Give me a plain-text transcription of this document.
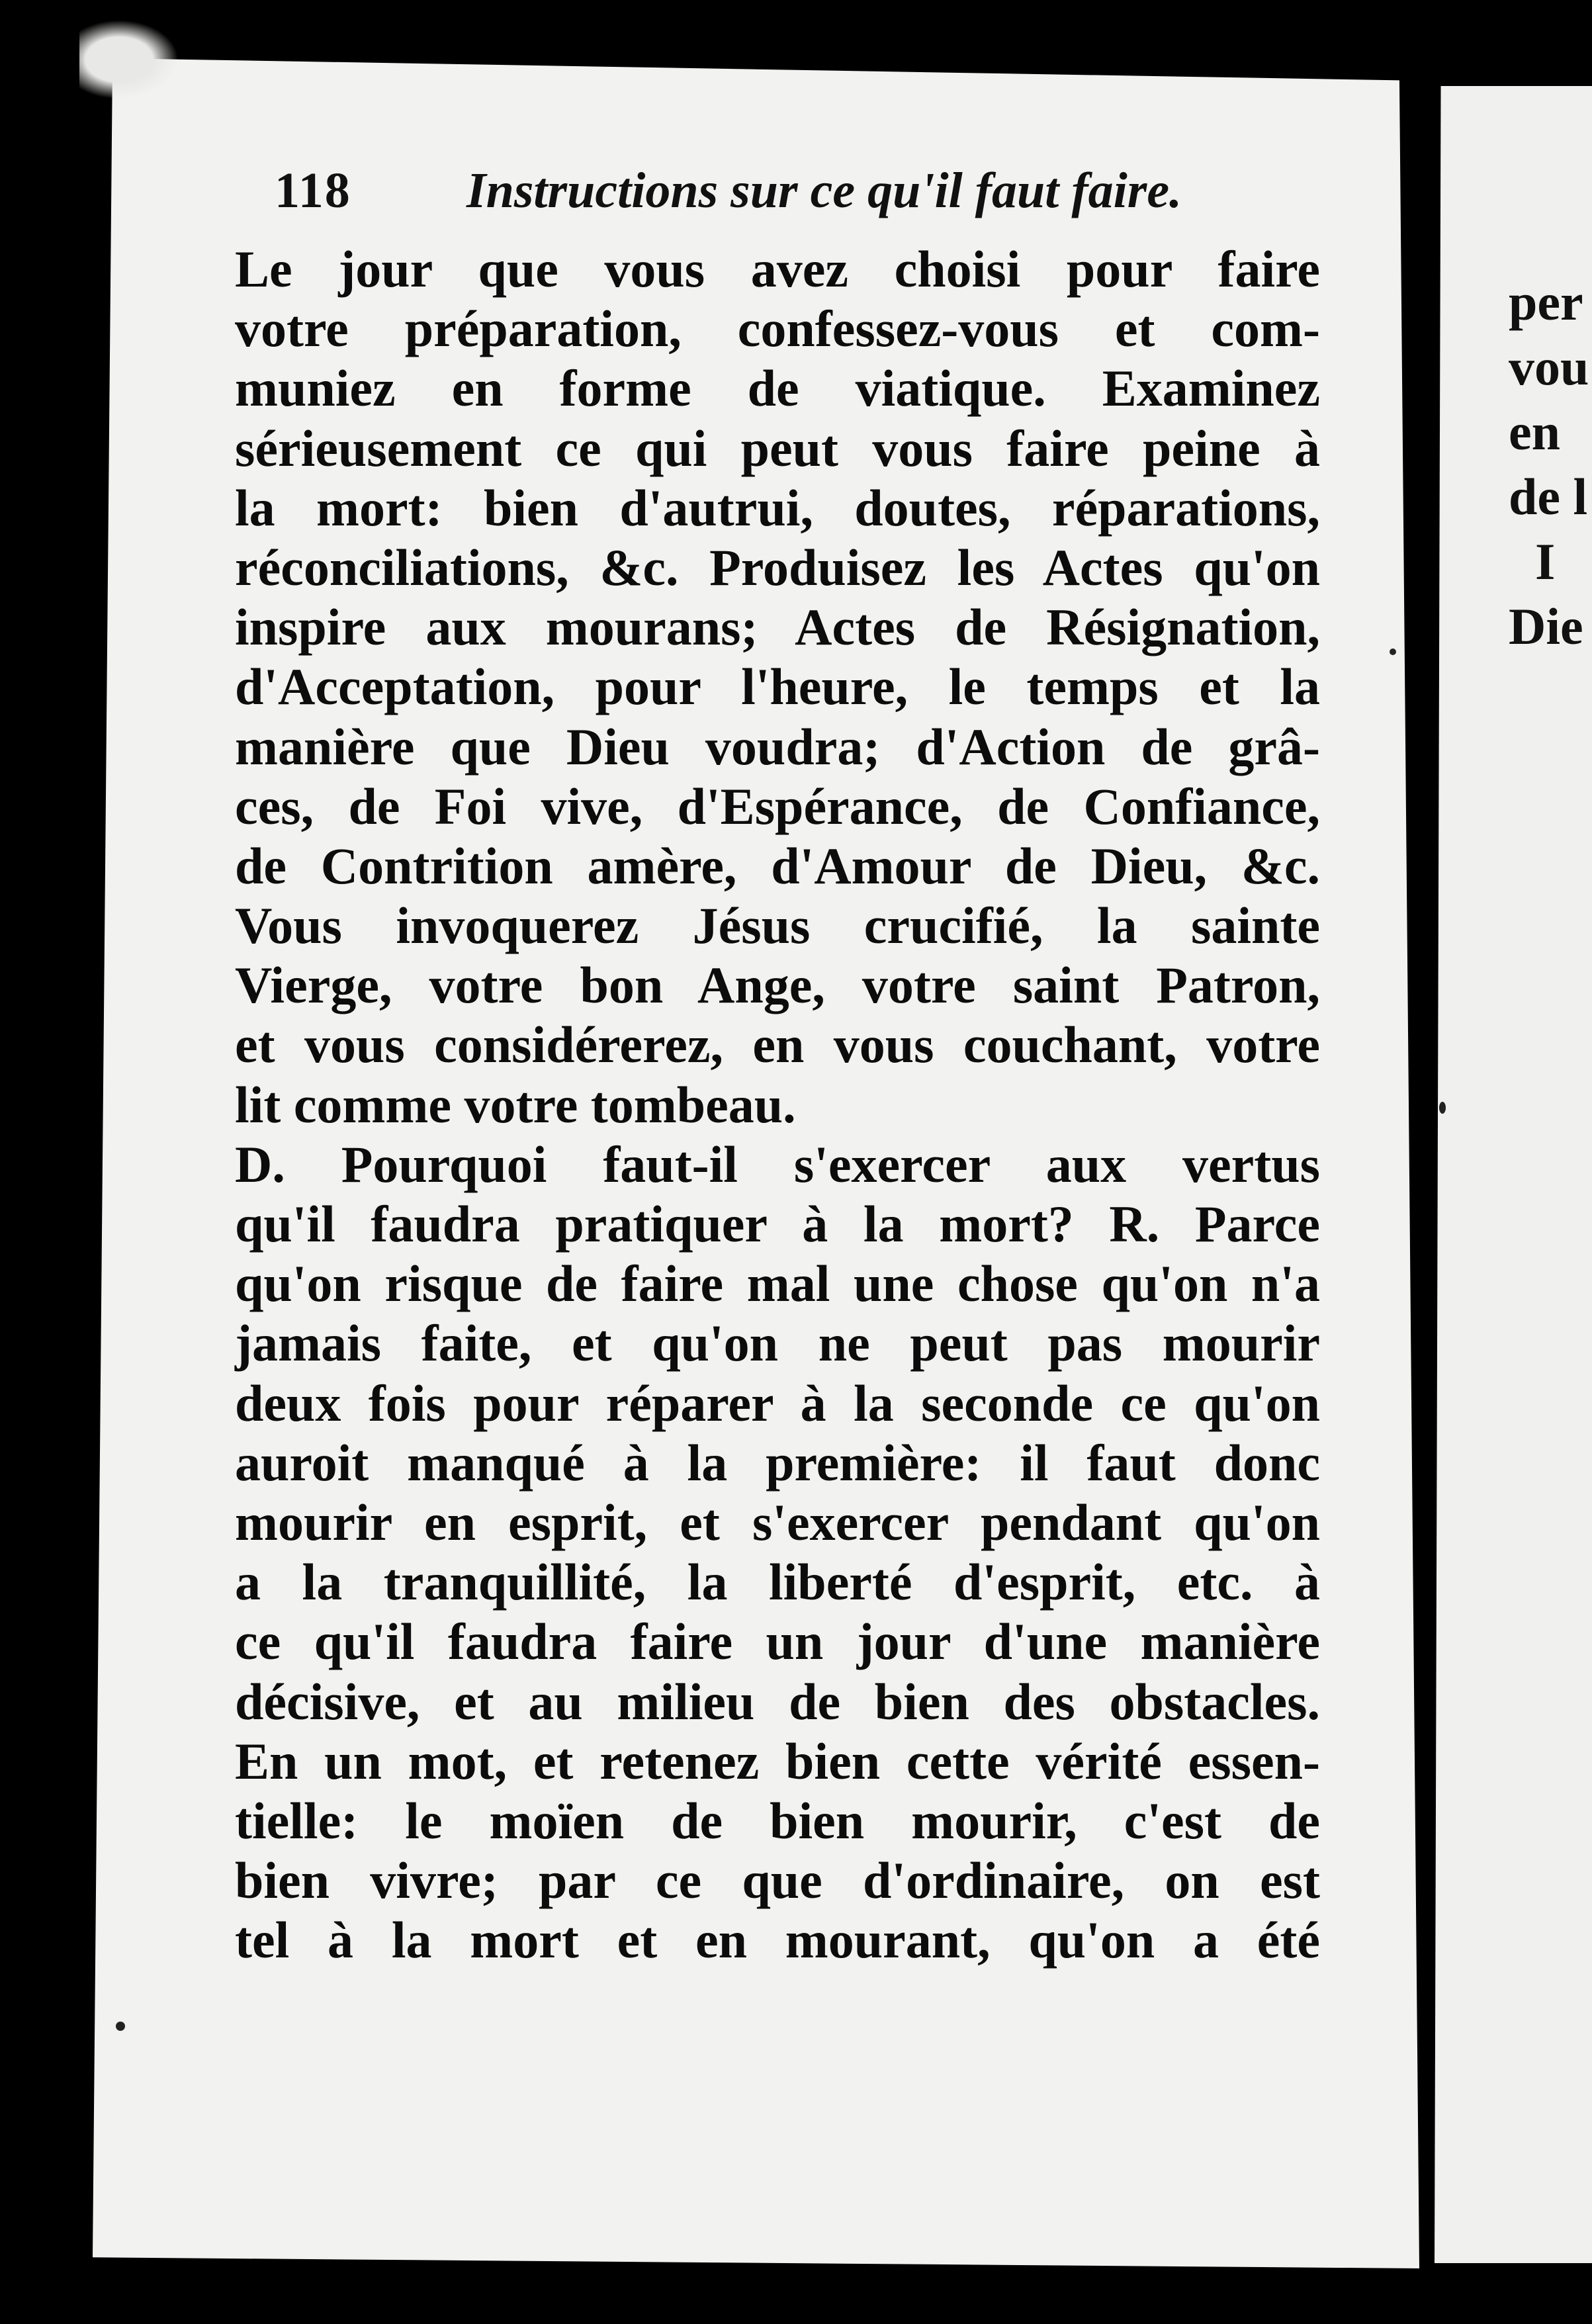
118 Instructions sur ce qu'il faut faire.
Le jour que vous avez choisi pour faire
votre préparation, confessez-vous et com-
muniez en forme de viatique. Examinez
sérieusement ce qui peut vous faire peine à
la mort: bien d'autrui, doutes, réparations,
réconciliations, &c. Produisez les Actes qu'on
inspire aux mourans; Actes de Résignation,
d'Acceptation, pour l'heure, le temps et la
manière que Dieu voudra; d'Action de grâ-
ces, de Foi vive, d'Espérance, de Confiance,
de Contrition amère, d'Amour de Dieu, &c.
Vous invoquerez Jésus crucifié, la sainte
Vierge, votre bon Ange, votre saint Patron,
et vous considérerez, en vous couchant, votre
lit comme votre tombeau.
D. Pourquoi faut-il s'exercer aux vertus
qu'il faudra pratiquer à la mort? R. Parce
qu'on risque de faire mal une chose qu'on n'a
jamais faite, et qu'on ne peut pas mourir
deux fois pour réparer à la seconde ce qu'on
auroit manqué à la première: il faut donc
mourir en esprit, et s'exercer pendant qu'on
a la tranquillité, la liberté d'esprit, etc. à
ce qu'il faudra faire un jour d'une manière
décisive, et au milieu de bien des obstacles.
En un mot, et retenez bien cette vérité essen-
tielle: le moïen de bien mourir, c'est de
bien vivre; par ce que d'ordinaire, on est
tel à la mort et en mourant, qu'on a été
per
vou
en
de l
I
Die
